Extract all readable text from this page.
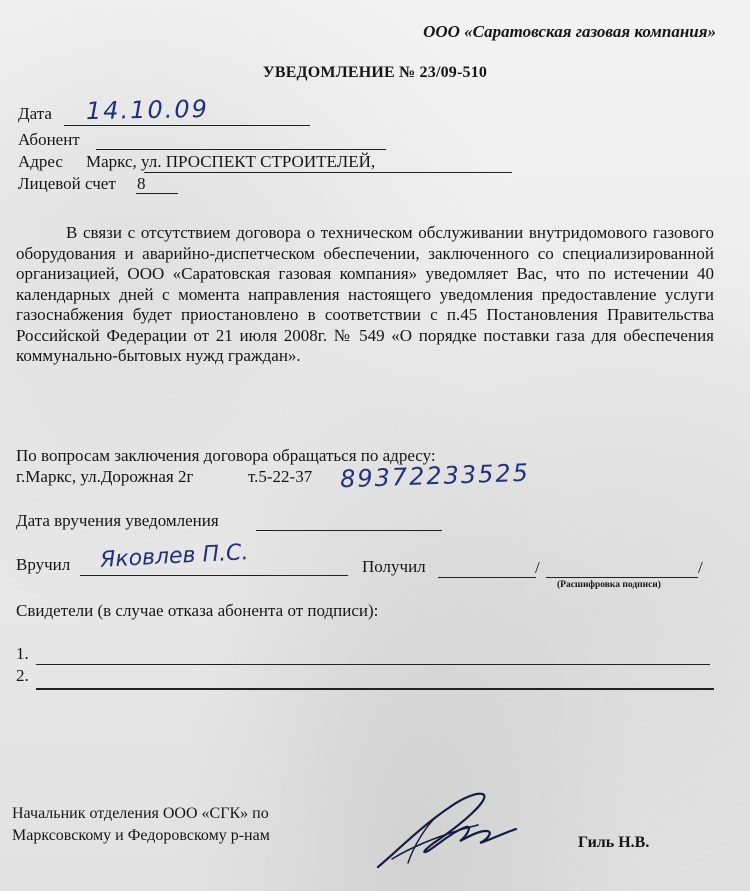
ООО «Саратовская газовая компания»
УВЕДОМЛЕНИЕ № 23/09-510
Дата 14.10.09
Абонент
Адрес Маркс, ул. ПРОСПЕКТ СТРОИТЕЛЕЙ,
Лицевой счет 8
В связи с отсутствием договора о техническом обслуживании внутридомового газового оборудования и аварийно-диспетческом обеспечении, заключенного со специализированной организацией, ООО «Саратовская газовая компания» уведомляет Вас, что по истечении 40 календарных дней с момента направления настоящего уведомления предоставление услуги газоснабжения будет приостановлено в соответствии с п.45 Постановления Правительства Российской Федерации от 21 июля 2008г. № 549 «О порядке поставки газа для обеспечения коммунально-бытовых нужд граждан».
По вопросам заключения договора обращаться по адресу:
г.Маркс, ул.Дорожная 2г	т.5-22-37 89372233525
Дата вручения уведомления
Вручил Яковлев П.С.	Получил	/	/
(Расшифровка подписи)
Свидетели (в случае отказа абонента от подписи):
1.
2.
Начальник отделения ООО «СГК» по
Марксовскому и Федоровскому р-нам	Гиль Н.В.
